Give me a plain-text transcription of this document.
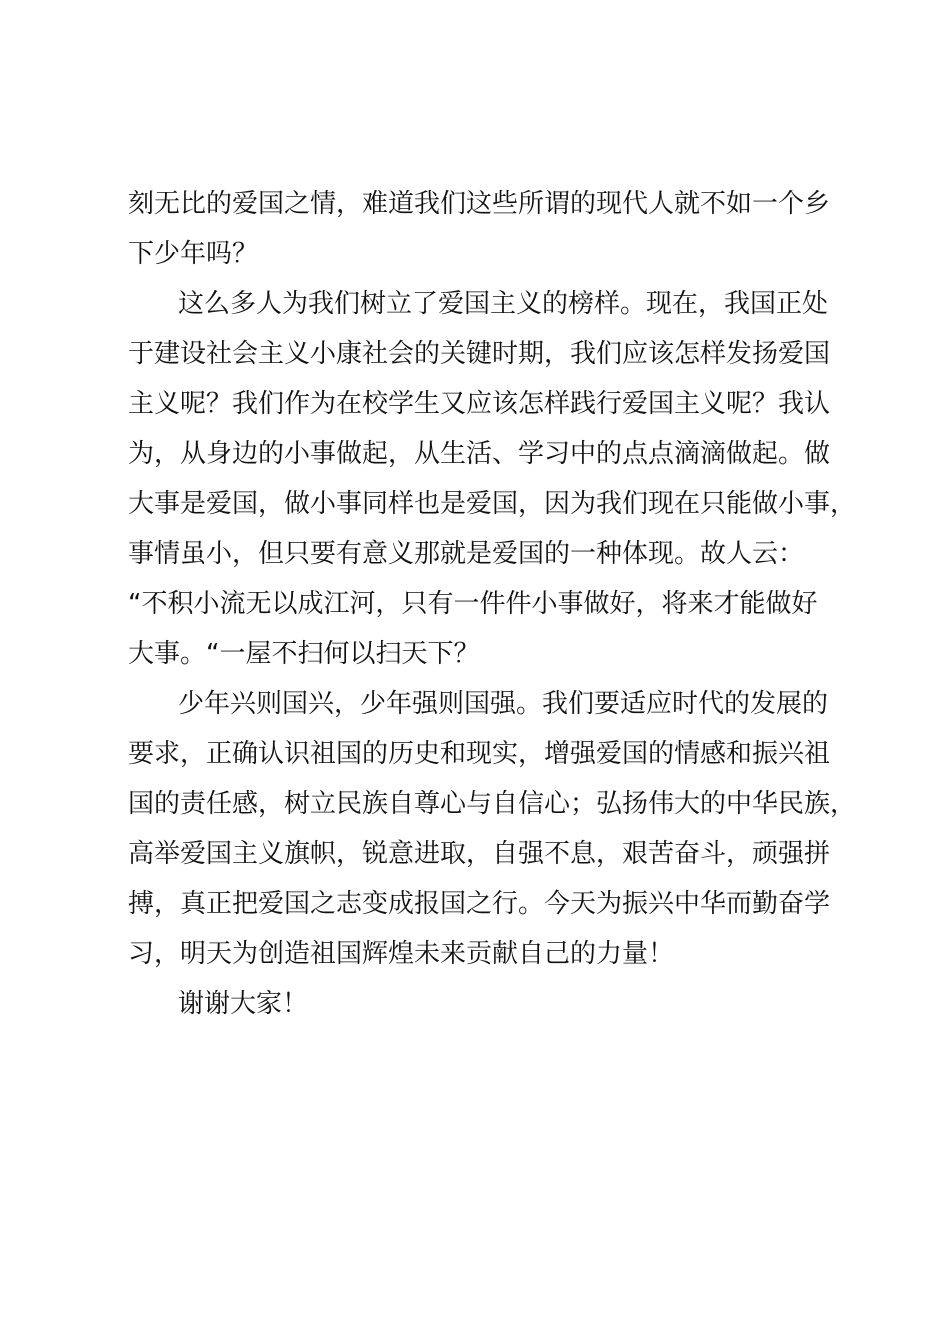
刻无比的爱国之情，难道我们这些所谓的现代人就不如一个乡
下少年吗？
这么多人为我们树立了爱国主义的榜样。现在，我国正处
于建设社会主义小康社会的关键时期，我们应该怎样发扬爱国
主义呢？我们作为在校学生又应该怎样践行爱国主义呢？我认
为，从身边的小事做起，从生活、学习中的点点滴滴做起。做
大事是爱国，做小事同样也是爱国，因为我们现在只能做小事，
事情虽小，但只要有意义那就是爱国的一种体现。故人云：
“不积小流无以成江河，只有一件件小事做好，将来才能做好
大事。“一屋不扫何以扫天下？
少年兴则国兴，少年强则国强。我们要适应时代的发展的
要求，正确认识祖国的历史和现实，增强爱国的情感和振兴祖
国的责任感，树立民族自尊心与自信心；弘扬伟大的中华民族，
高举爱国主义旗帜，锐意进取，自强不息，艰苦奋斗，顽强拼
搏，真正把爱国之志变成报国之行。今天为振兴中华而勤奋学
习，明天为创造祖国辉煌未来贡献自己的力量！
谢谢大家！
